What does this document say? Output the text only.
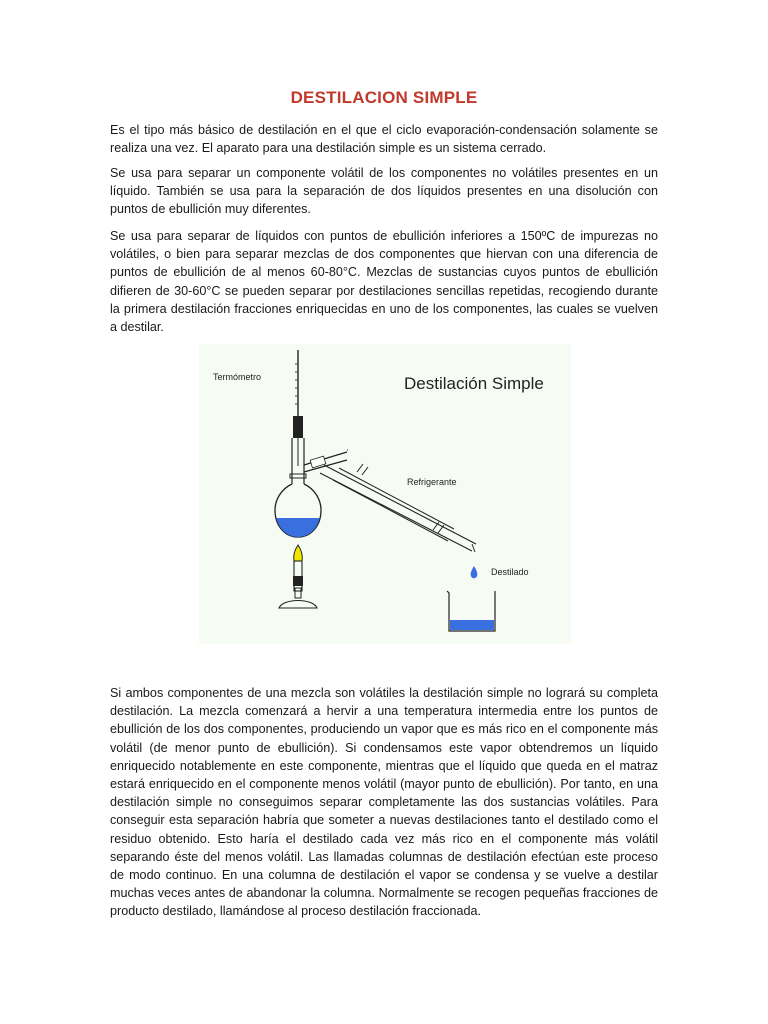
DESTILACION SIMPLE

Es el tipo más básico de destilación en el que el ciclo evaporación-condensación solamente se realiza una vez. El aparato para una destilación simple es un sistema cerrado.

Se usa para separar un componente volátil de los componentes no volátiles presentes en un líquido. También se usa para la separación de dos líquidos presentes en una disolución con puntos de ebullición muy diferentes.

Se usa para separar de líquidos con puntos de ebullición inferiores a 150ºC de impurezas no volátiles, o bien para separar mezclas de dos componentes que hiervan con una diferencia de puntos de ebullición de al menos 60-80°C. Mezclas de sustancias cuyos puntos de ebullición difieren de 30-60°C se pueden separar por destilaciones sencillas repetidas, recogiendo durante la primera destilación fracciones enriquecidas en uno de los componentes, las cuales se vuelven a destilar.

Destilación Simple
Termómetro
Refrigerante
Destilado

Si ambos componentes de una mezcla son volátiles la destilación simple no logrará su completa destilación. La mezcla comenzará a hervir a una temperatura intermedia entre los puntos de ebullición de los dos componentes, produciendo un vapor que es más rico en el componente más volátil (de menor punto de ebullición). Si condensamos este vapor obtendremos un líquido enriquecido notablemente en este componente, mientras que el líquido que queda en el matraz estará enriquecido en el componente menos volátil (mayor punto de ebullición). Por tanto, en una destilación simple no conseguimos separar completamente las dos sustancias volátiles. Para conseguir esta separación habría que someter a nuevas destilaciones tanto el destilado como el residuo obtenido. Esto haría el destilado cada vez más rico en el componente más volátil separando éste del menos volátil. Las llamadas columnas de destilación efectúan este proceso de modo continuo. En una columna de destilación el vapor se condensa y se vuelve a destilar muchas veces antes de abandonar la columna. Normalmente se recogen pequeñas fracciones de producto destilado, llamándose al proceso destilación fraccionada.
